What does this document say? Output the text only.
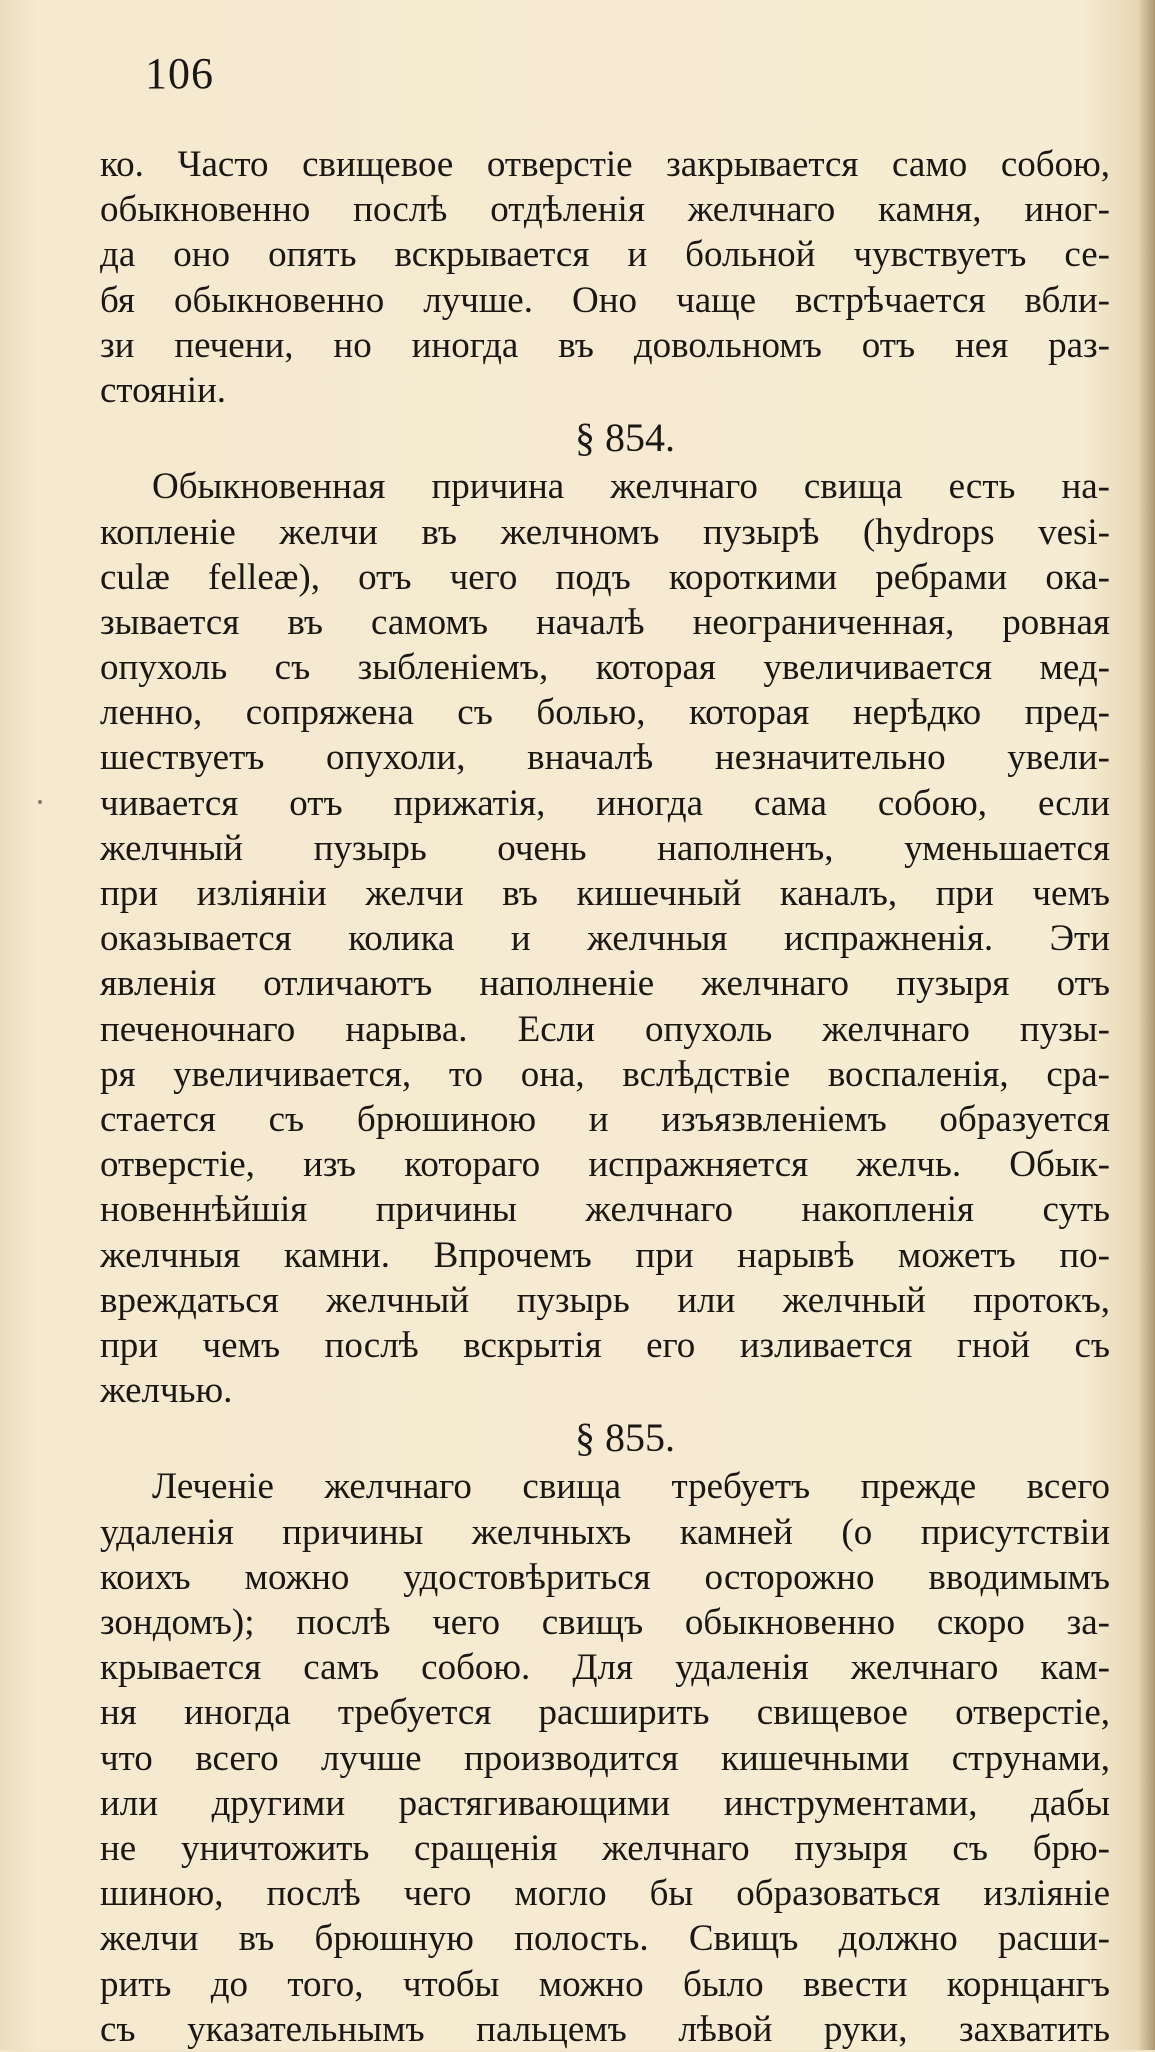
106
ко. Часто свищевое отверстіе закрывается само собою,
обыкновенно послѣ отдѣленія желчнаго камня, иног-
да оно опять вскрывается и больной чувствуетъ се-
бя обыкновенно лучше. Оно чаще встрѣчается вбли-
зи печени, но иногда въ довольномъ отъ нея раз-
стояніи.
§ 854.
Обыкновенная причина желчнаго свища есть на-
копленіе желчи въ желчномъ пузырѣ (hydrops vesi-
culæ felleæ), отъ чего подъ короткими ребрами ока-
зывается въ самомъ началѣ неограниченная, ровная
опухоль съ зыбленіемъ, которая увеличивается мед-
ленно, сопряжена съ болью, которая нерѣдко пред-
шествуетъ опухоли, вначалѣ незначительно увели-
чивается отъ прижатія, иногда сама собою, если
желчный пузырь очень наполненъ, уменьшается
при изліяніи желчи въ кишечный каналъ, при чемъ
оказывается колика и желчныя испражненія. Эти
явленія отличаютъ наполненіе желчнаго пузыря отъ
печеночнаго нарыва. Если опухоль желчнаго пузы-
ря увеличивается, то она, вслѣдствіе воспаленія, сра-
стается съ брюшиною и изъязвленіемъ образуется
отверстіе, изъ котораго испражняется желчь. Обык-
новеннѣйшія причины желчнаго накопленія суть
желчныя камни. Впрочемъ при нарывѣ можетъ по-
вреждаться желчный пузырь или желчный протокъ,
при чемъ послѣ вскрытія его изливается гной съ
желчью.
§ 855.
Леченіе желчнаго свища требуетъ прежде всего
удаленія причины желчныхъ камней (о присутствіи
коихъ можно удостовѣриться осторожно вводимымъ
зондомъ); послѣ чего свищъ обыкновенно скоро за-
крывается самъ собою. Для удаленія желчнаго кам-
ня иногда требуется расширить свищевое отверстіе,
что всего лучше производится кишечными струнами,
или другими растягивающими инструментами, дабы
не уничтожить сращенія желчнаго пузыря съ брю-
шиною, послѣ чего могло бы образоваться изліяніе
желчи въ брюшную полость. Свищъ должно расши-
рить до того, чтобы можно было ввести корнцангъ
съ указательнымъ пальцемъ лѣвой руки, захватить
